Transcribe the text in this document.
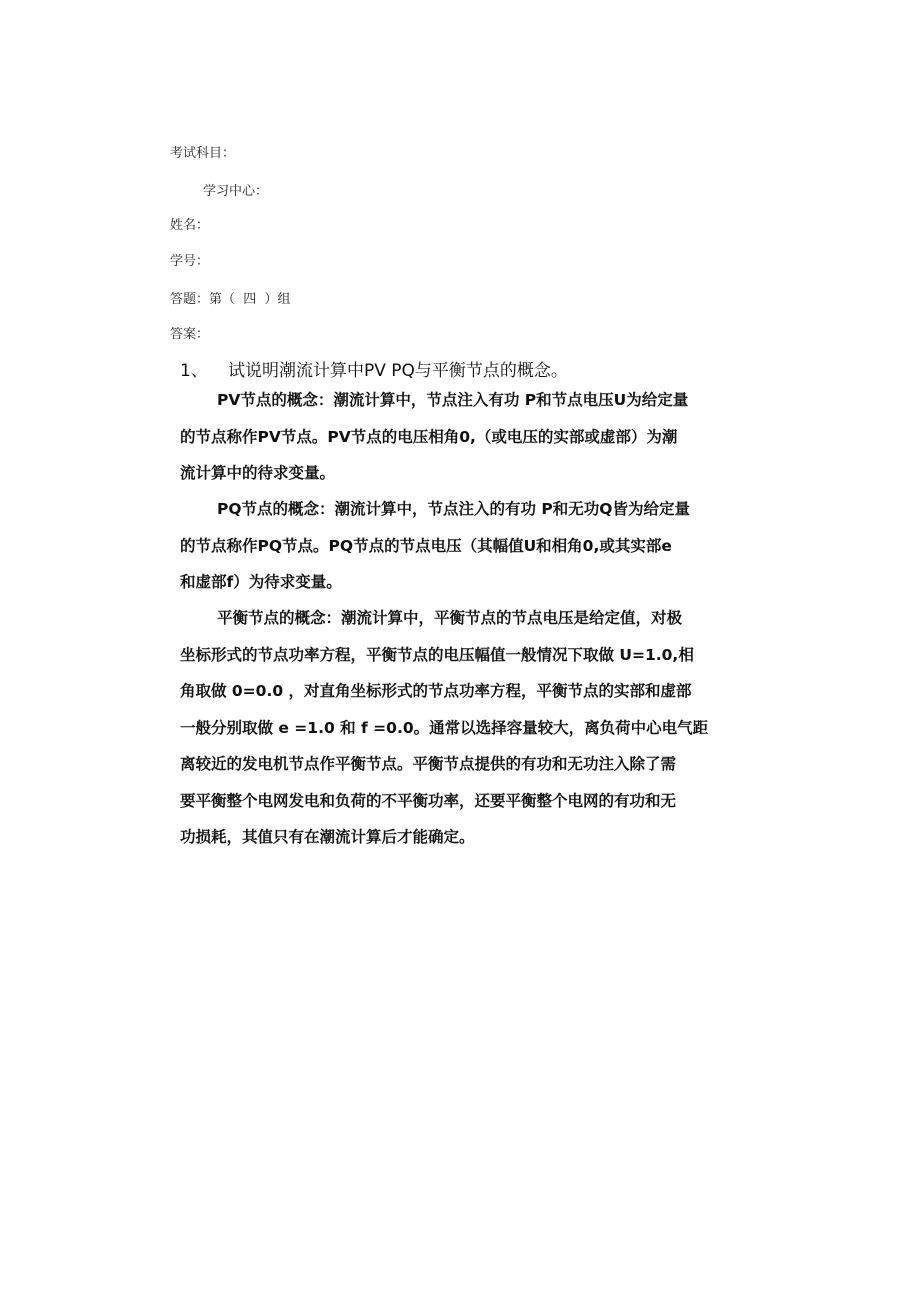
考试科目：
学习中心：
姓名：
学号：
答题：第（  四  ）组
答案：
1、 试说明潮流计算中PV PQ与平衡节点的概念。
PV节点的概念：潮流计算中，节点注入有功 P和节点电压U为给定量
的节点称作PV节点。PV节点的电压相角0,（或电压的实部或虚部）为潮
流计算中的待求变量。
PQ节点的概念：潮流计算中，节点注入的有功 P和无功Q皆为给定量
的节点称作PQ节点。PQ节点的节点电压（其幅值U和相角0,或其实部e
和虚部f）为待求变量。
平衡节点的概念：潮流计算中，平衡节点的节点电压是给定值，对极
坐标形式的节点功率方程，平衡节点的电压幅值一般情况下取做 U=1.0,相
角取做 0=0.0 ，对直角坐标形式的节点功率方程，平衡节点的实部和虚部
一般分别取做 e =1.0 和 f =0.0。通常以选择容量较大，离负荷中心电气距
离较近的发电机节点作平衡节点。平衡节点提供的有功和无功注入除了需
要平衡整个电网发电和负荷的不平衡功率，还要平衡整个电网的有功和无
功损耗，其值只有在潮流计算后才能确定。
